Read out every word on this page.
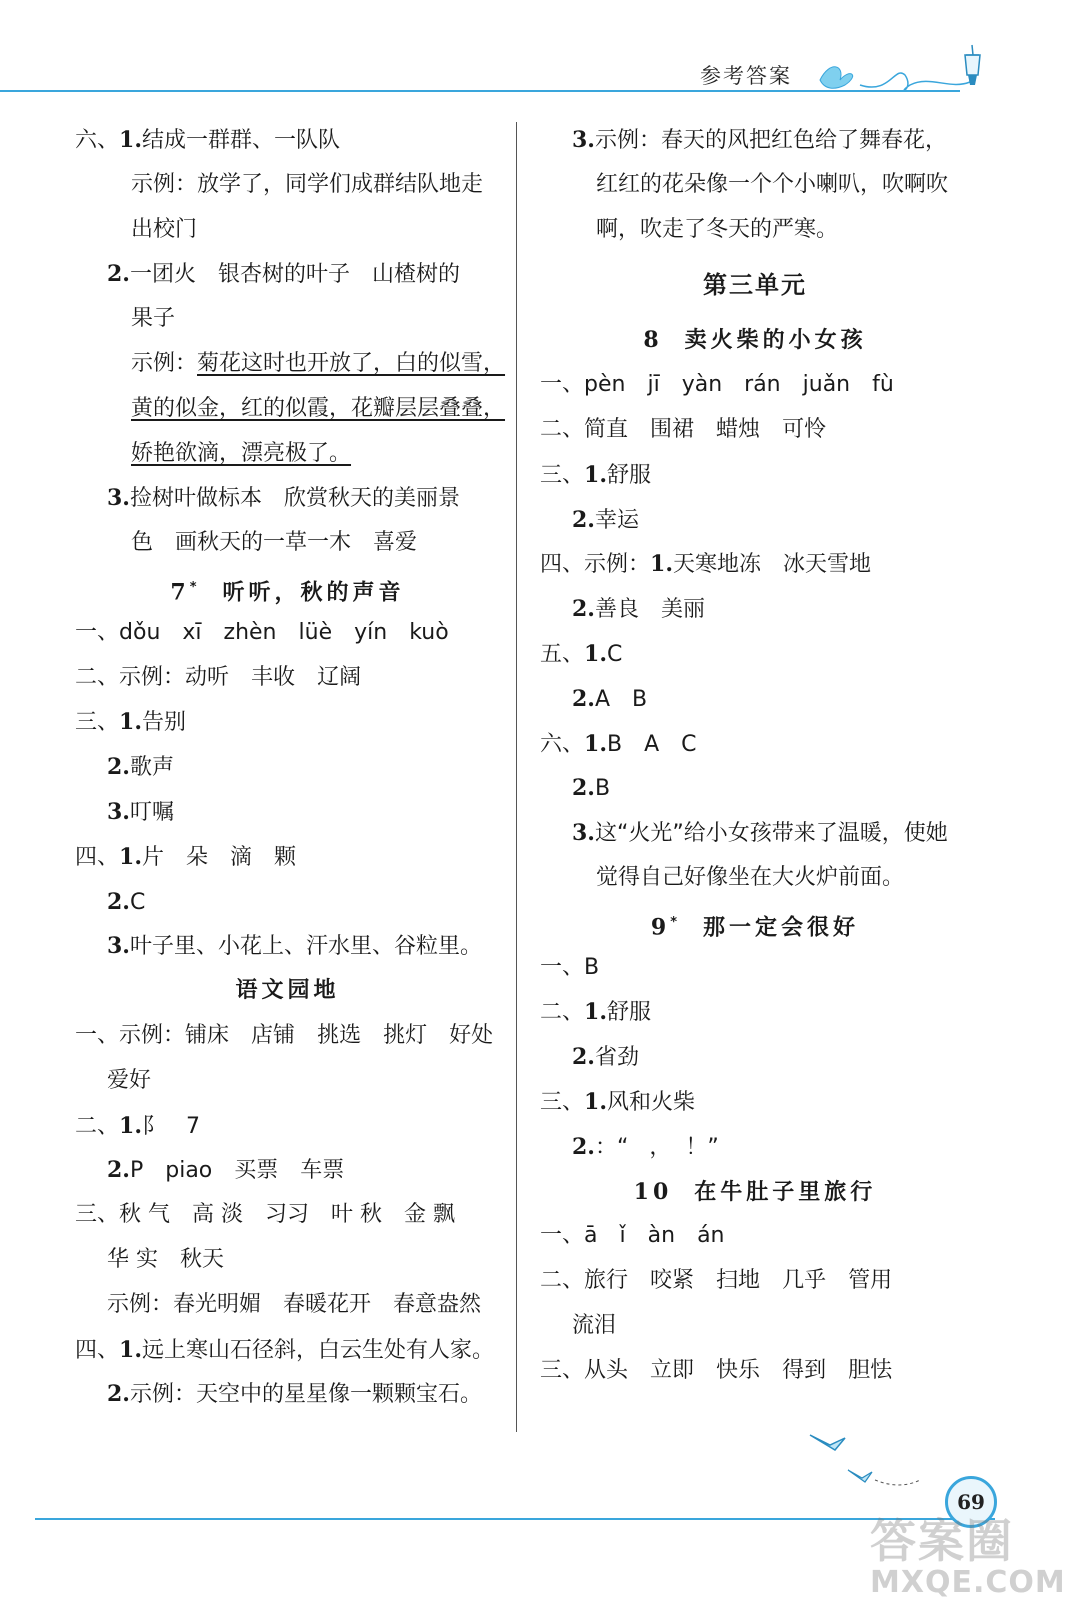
参考答案
六、1.结成一群群、一队队
示例：放学了，同学们成群结队地走
出校门
2.一团火 银杏树的叶子 山楂树的
果子
示例：菊花这时也开放了，白的似雪，
黄的似金，红的似霞，花瓣层层叠叠，
娇艳欲滴，漂亮极了。
3.捡树叶做标本 欣赏秋天的美丽景
色 画秋天的一草一木 喜爱
7* 听听，秋的声音
一、dǒu xī zhèn lüè yín kuò
二、示例：动听 丰收 辽阔
三、1.告别
2.歌声
3.叮嘱
四、1.片 朵 滴 颗
2.C
3.叶子里、小花上、汗水里、谷粒里。
语文园地
一、示例：铺床 店铺 挑选 挑灯 好处
爱好
二、1.阝 7
2.P piao 买票 车票
三、秋 气 高 淡 习习 叶 秋 金 飘
华 实 秋天
示例：春光明媚 春暖花开 春意盎然
四、1.远上寒山石径斜，白云生处有人家。
2.示例：天空中的星星像一颗颗宝石。
3.示例：春天的风把红色给了舞春花，
红红的花朵像一个个小喇叭，吹啊吹
啊，吹走了冬天的严寒。
第三单元
8 卖火柴的小女孩
一、pèn jī yàn rán juǎn fù
二、简直 围裙 蜡烛 可怜
三、1.舒服
2.幸运
四、示例：1.天寒地冻 冰天雪地
2.善良 美丽
五、1.C
2.A B
六、1.B A C
2.B
3.这“火光”给小女孩带来了温暖，使她
觉得自己好像坐在大火炉前面。
9* 那一定会很好
一、B
二、1.舒服
2.省劲
三、1.风和火柴
2.：“   ，  ！”
10 在牛肚子里旅行
一、ā ǐ àn án
二、旅行 咬紧 扫地 几乎 管用
流泪
三、从头 立即 快乐 得到 胆怯
69
答案圈
MXQE.COM
